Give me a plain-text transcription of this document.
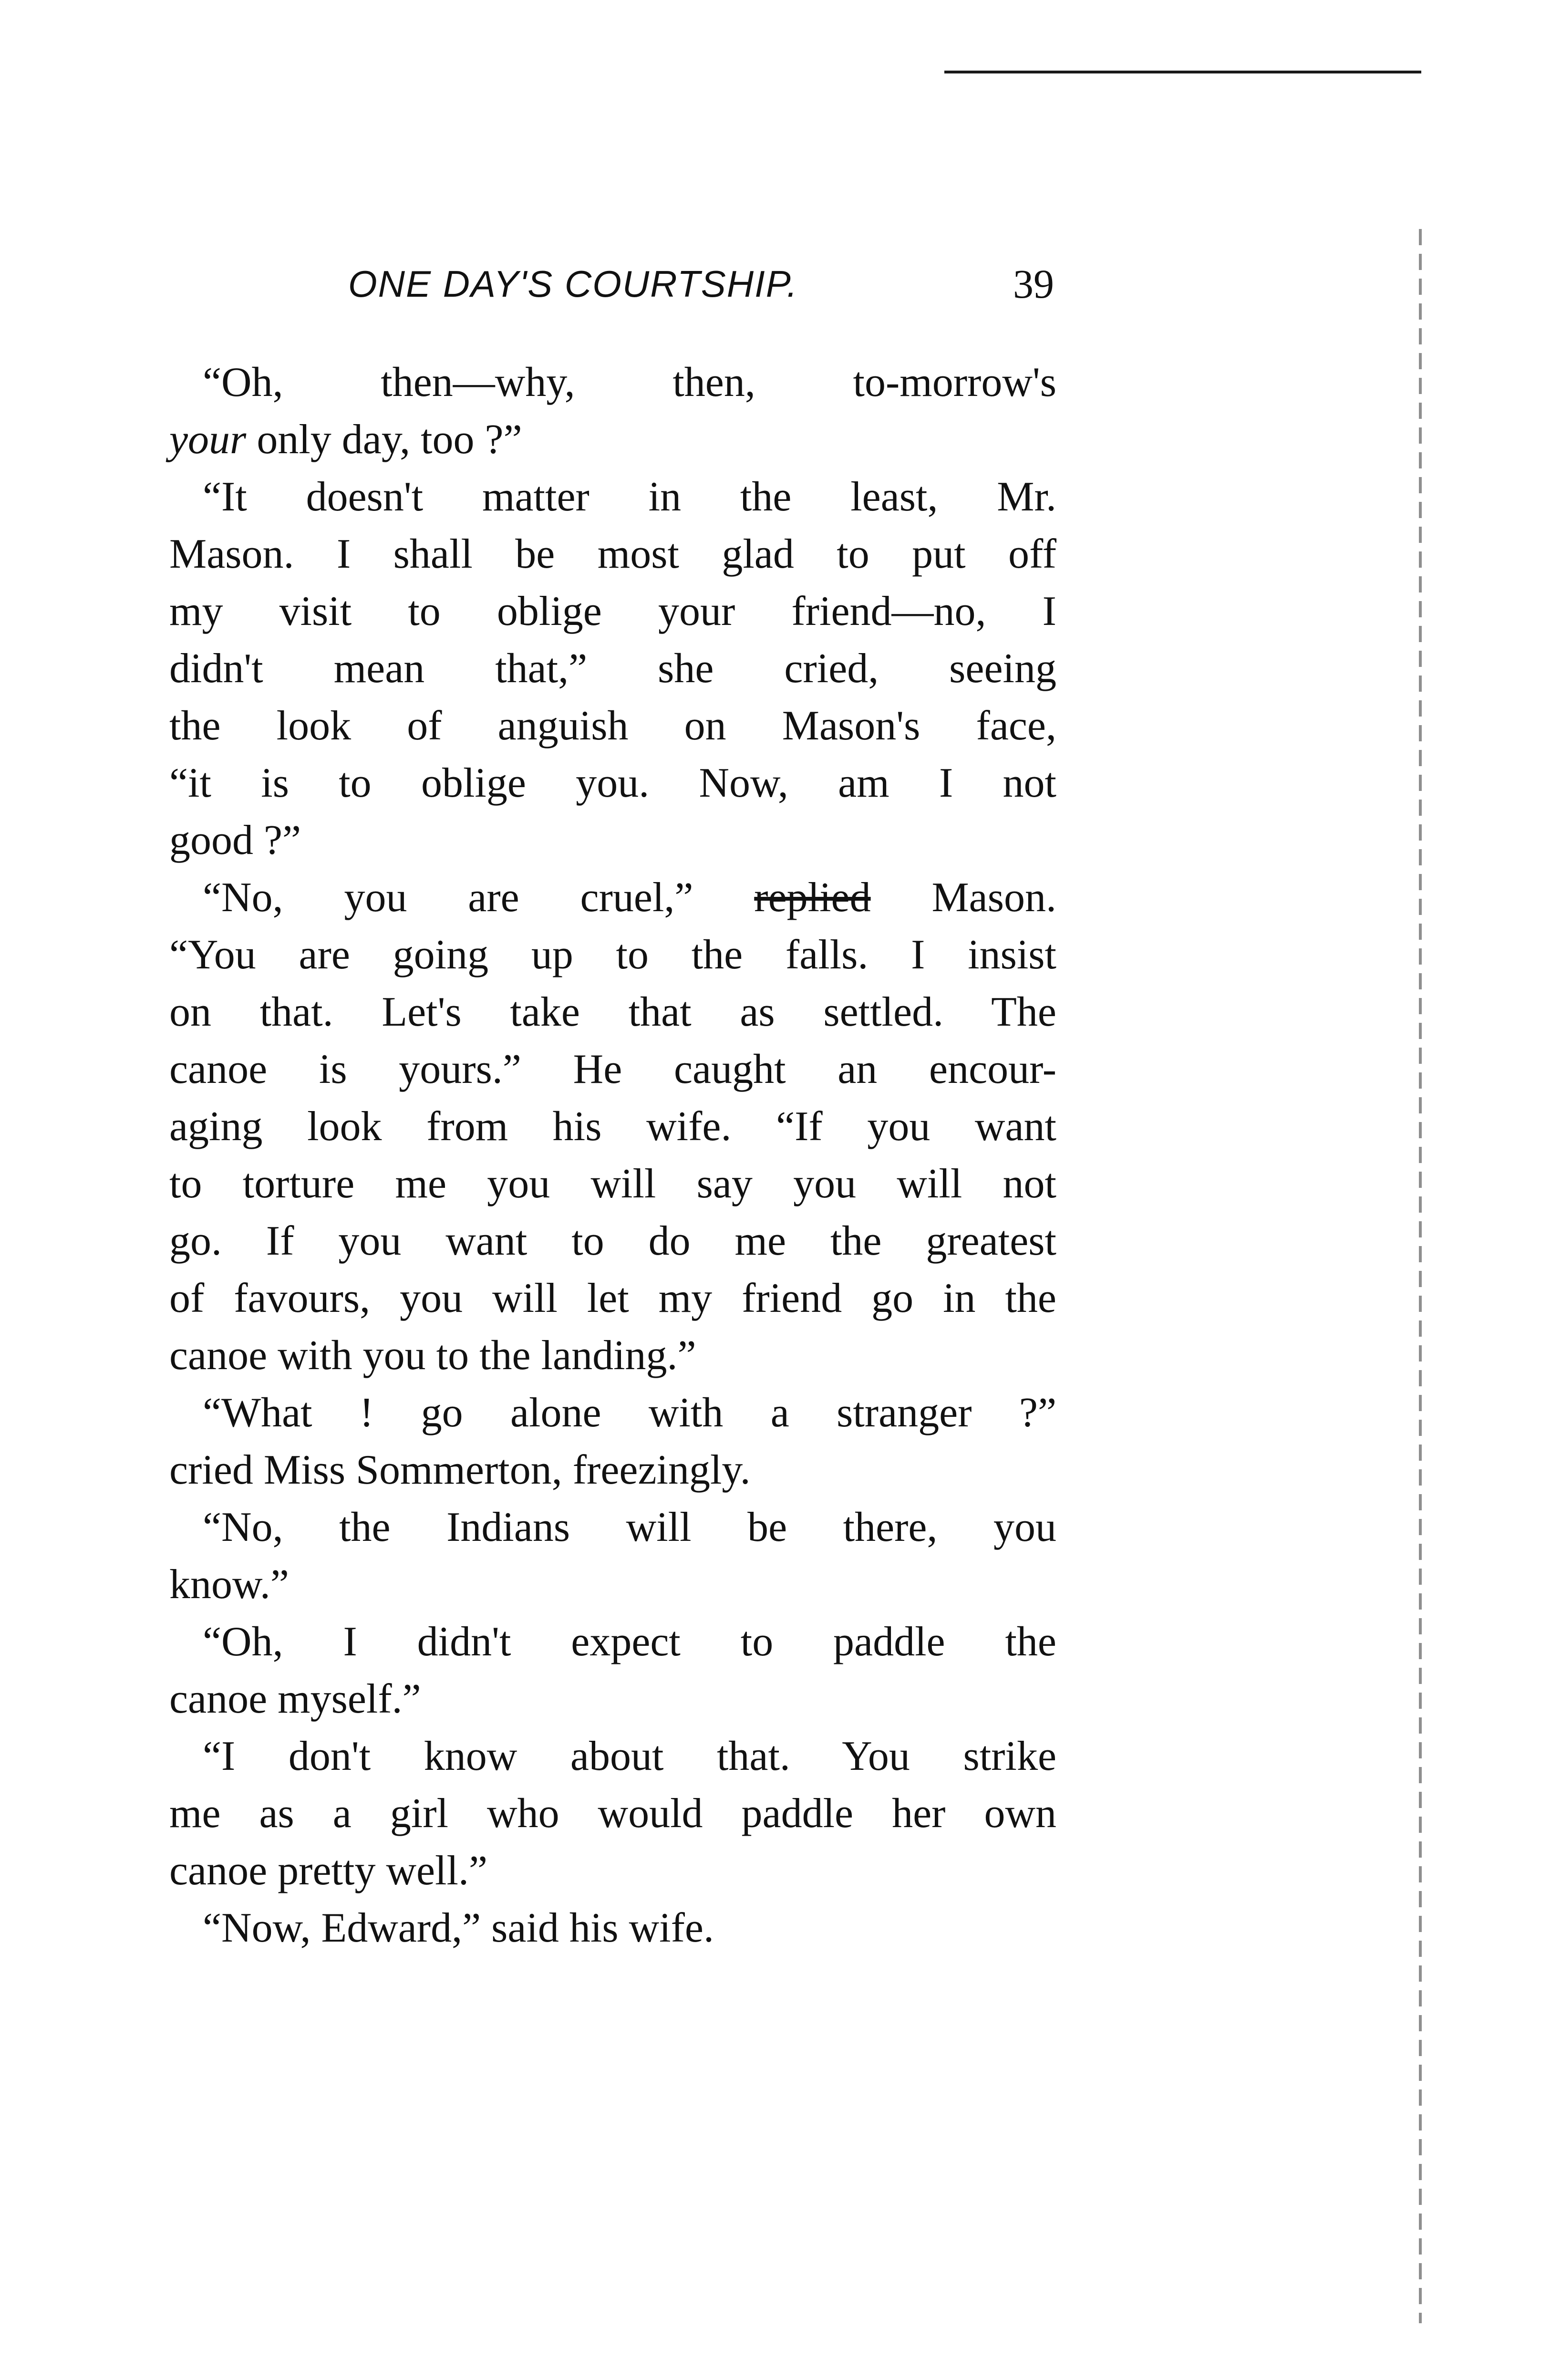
ONE DAY'S COURTSHIP.	39
“Oh, then—why, then, to-morrow's
your only day, too ?”
“It doesn't matter in the least, Mr.
Mason. I shall be most glad to put off
my visit to oblige your friend—no, I
didn't mean that,” she cried, seeing
the look of anguish on Mason's face,
“it is to oblige you. Now, am I not
good ?”
“No, you are cruel,” replied Mason.
“You are going up to the falls. I insist
on that. Let's take that as settled. The
canoe is yours.” He caught an encour-
aging look from his wife. “If you want
to torture me you will say you will not
go. If you want to do me the greatest
of favours, you will let my friend go in the
canoe with you to the landing.”
“What ! go alone with a stranger ?”
cried Miss Sommerton, freezingly.
“No, the Indians will be there, you
know.”
“Oh, I didn't expect to paddle the
canoe myself.”
“I don't know about that. You strike
me as a girl who would paddle her own
canoe pretty well.”
“Now, Edward,” said his wife.
